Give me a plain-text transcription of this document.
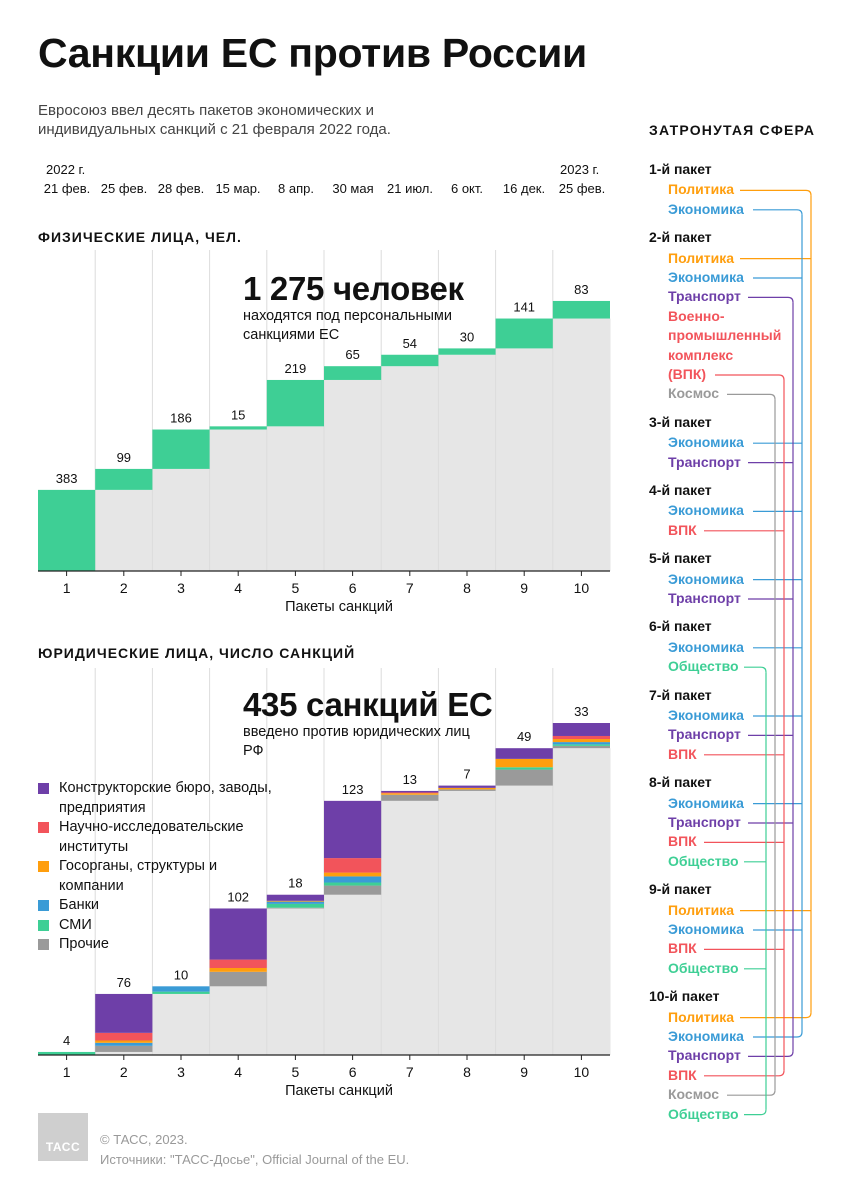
Санкции ЕС против России
Евросоюз ввел десять пакетов экономических и индивидуальных санкций с 21 февраля 2022 года.
2022 г.	2023 г.
21 фев. 25 фев. 28 фев. 15 мар. 8 апр. 30 мая 21 июл. 6 окт. 16 дек. 25 фев.
ФИЗИЧЕСКИЕ ЛИЦА, ЧЕЛ.
ЮРИДИЧЕСКИЕ ЛИЦА, ЧИСЛО САНКЦИЙ
383
99
186	15
219
65
54	30
141
83
1	2	3	4	5	6	7	8	9	10
Пакеты санкций
4
76
10
102
18
123
13	7
49
33
1	2	3	4	5	6	7	8	9	10
Пакеты санкций
1 275 человек
находятся под персональными санкциями ЕС
435 санкций ЕС
введено против юридических лиц РФ
Конструкторские бюро, заводы, предприятия
Научно-исследовательские институты
Госорганы, структуры и компании
Банки
СМИ
Прочие
ЗАТРОНУТАЯ СФЕРА
1-й пакет
Политика
Экономика
2-й пакет
Политика
Экономика
Транспорт
Военно-
промышленный
комплекс
(ВПК)
Космос
3-й пакет
Экономика
Транспорт
4-й пакет
Экономика
ВПК
5-й пакет
Экономика
Транспорт
6-й пакет
Экономика
Общество
7-й пакет
Экономика
Транспорт
ВПК
8-й пакет
Экономика
Транспорт
ВПК
Общество
9-й пакет
Политика
Экономика
ВПК
Общество
10-й пакет
Политика
Экономика
Транспорт
ВПК
Космос
Общество
ТАСС © ТАСС, 2023.
Источники: "ТАСС-Досье", Official Journal of the EU.
